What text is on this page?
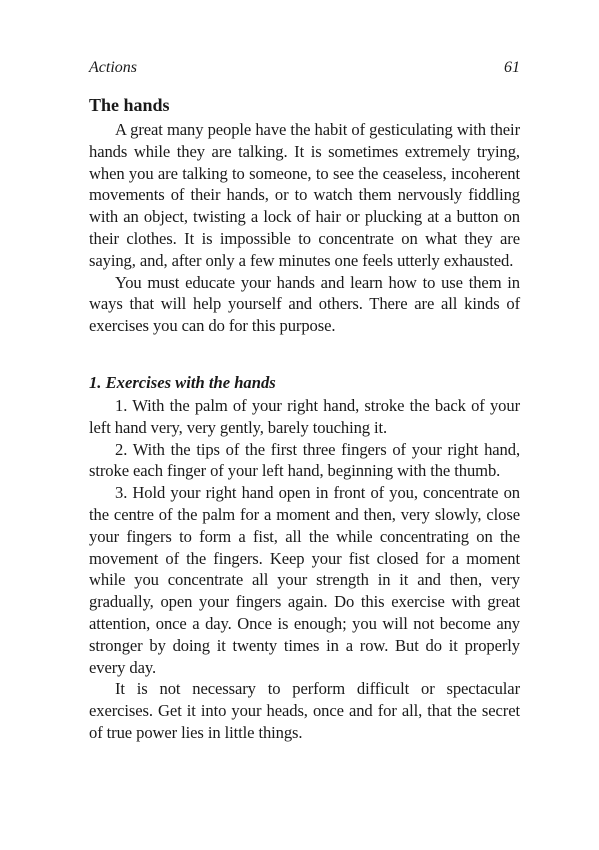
Actions	61
The hands

A great many people have the habit of gesticulating with their hands while they are talking. It is sometimes extremely trying, when you are talking to someone, to see the ceaseless, incoherent movements of their hands, or to watch them nervously fiddling with an object, twisting a lock of hair or plucking at a button on their clothes. It is impossible to concentrate on what they are saying, and, after only a few minutes one feels utterly exhausted.

You must educate your hands and learn how to use them in ways that will help yourself and others. There are all kinds of exercises you can do for this purpose.

1. Exercises with the hands

1. With the palm of your right hand, stroke the back of your left hand very, very gently, barely touching it.

2. With the tips of the first three fingers of your right hand, stroke each finger of your left hand, beginning with the thumb.

3. Hold your right hand open in front of you, concentrate on the centre of the palm for a moment and then, very slowly, close your fingers to form a fist, all the while concentrating on the movement of the fingers. Keep your fist closed for a moment while you concentrate all your strength in it and then, very gradually, open your fingers again. Do this exercise with great attention, once a day. Once is enough; you will not become any stronger by doing it twenty times in a row. But do it properly every day.

It is not necessary to perform difficult or spectacular exercises. Get it into your heads, once and for all, that the secret of true power lies in little things.
